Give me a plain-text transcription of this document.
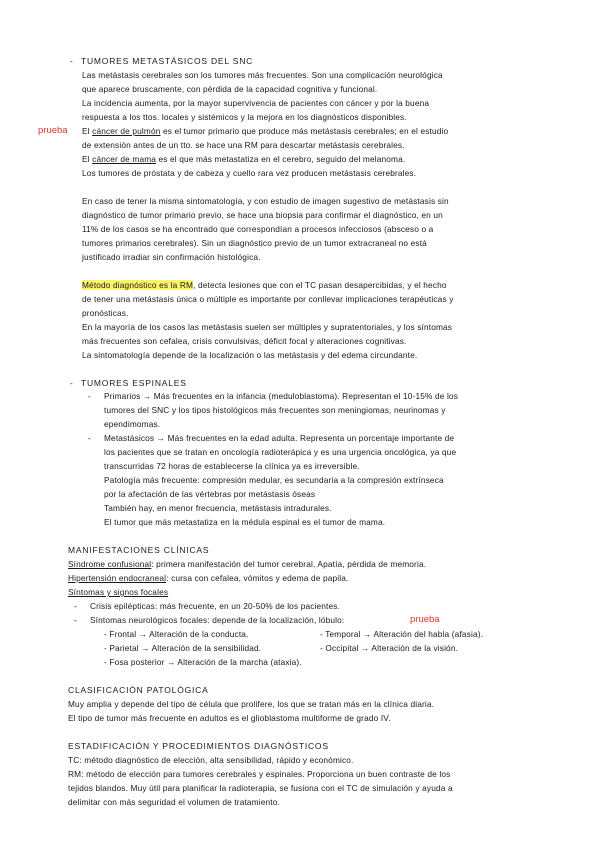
- TUMORES METASTÁSICOS DEL SNC
Las metástasis cerebrales son los tumores más frecuentes. Son una complicación neurológica
que aparece bruscamente, con pérdida de la capacidad cognitiva y funcional.
La incidencia aumenta, por la mayor supervivencia de pacientes con cáncer y por la buena
respuesta a los ttos. locales y sistémicos y la mejora en los diagnósticos disponibles.
prueba El cáncer de pulmón es el tumor primario que produce más metástasis cerebrales; en el estudio
de extensión antes de un tto. se hace una RM para descartar metástasis cerebrales.
El cáncer de mama es el que más metastatiza en el cerebro, seguido del melanoma.
Los tumores de próstata y de cabeza y cuello rara vez producen metástasis cerebrales.
En caso de tener la misma sintomatología, y con estudio de imagen sugestivo de metástasis sin
diagnóstico de tumor primario previo, se hace una biopsia para confirmar el diagnóstico, en un
11% de los casos se ha encontrado que correspondían a procesos infecciosos (absceso o a
tumores primarios cerebrales). Sin un diagnóstico previo de un tumor extracraneal no está
justificado irradiar sin confirmación histológica.
Método diagnóstico es la RM, detecta lesiones que con el TC pasan desapercibidas, y el hecho
de tener una metástasis única o múltiple es importante por conllevar implicaciones terapéuticas y
pronósticas.
En la mayoría de los casos las metástasis suelen ser múltiples y supratentoriales, y los síntomas
más frecuentes son cefalea, crisis convulsivas, déficit focal y alteraciones cognitivas.
La sintomatología depende de la localización o las metástasis y del edema circundante.
- TUMORES ESPINALES
- Primarios → Más frecuentes en la infancia (meduloblastoma). Representan el 10-15% de los
tumores del SNC y los tipos histológicos más frecuentes son meningiomas, neurinomas y
ependimomas.
- Metastásicos → Más frecuentes en la edad adulta. Representa un porcentaje importante de
los pacientes que se tratan en oncología radioterápica y es una urgencia oncológica, ya que
transcurridas 72 horas de establecerse la clínica ya es irreversible.
Patología más frecuente: compresión medular, es secundaria a la compresión extrínseca
por la afectación de las vértebras por metástasis óseas
También hay, en menor frecuencia, metástasis intradurales.
El tumor que más metastatiza en la médula espinal es el tumor de mama.
MANIFESTACIONES CLÍNICAS
Síndrome confusional: primera manifestación del tumor cerebral. Apatía, pérdida de memoria.
Hipertensión endocraneal: cursa con cefalea, vómitos y edema de papila.
Síntomas y signos focales
- Crisis epilépticas: más frecuente, en un 20-50% de los pacientes.
- Síntomas neurológicos focales: depende de la localización, lóbulo:	prueba
- Frontal → Alteración de la conducta.	- Temporal → Alteración del habla (afasia).
- Parietal → Alteración de la sensibilidad.	- Occipital → Alteración de la visión.
- Fosa posterior → Alteración de la marcha (ataxia).
CLASIFICACIÓN PATOLÓGICA
Muy amplia y depende del tipo de célula que prolifere, los que se tratan más en la clínica diaria.
El tipo de tumor más frecuente en adultos es el glioblastoma multiforme de grado IV.
ESTADIFICACIÓN Y PROCEDIMIENTOS DIAGNÓSTICOS
TC: método diagnóstico de elección, alta sensibilidad, rápido y económico.
RM: método de elección para tumores cerebrales y espinales. Proporciona un buen contraste de los
tejidos blandos. Muy útil para planificar la radioterapia, se fusiona con el TC de simulación y ayuda a
delimitar con más seguridad el volumen de tratamiento.
